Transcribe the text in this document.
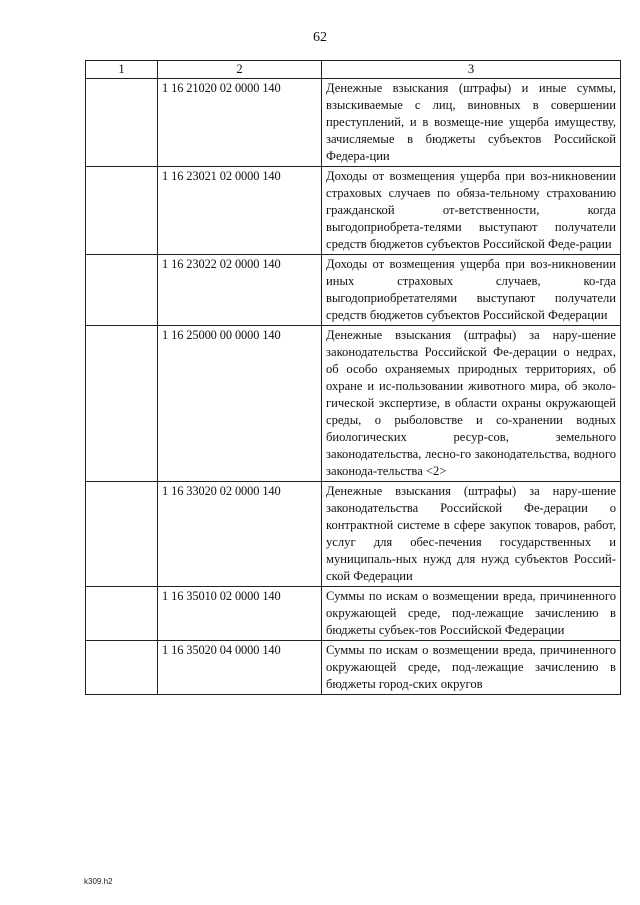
62
1	2	3
	1 16 21020 02 0000 140	Денежные взыскания (штрафы) и иные суммы, взыскиваемые с лиц, виновных в совершении преступлений, и в возмеще-ние ущерба имуществу, зачисляемые в бюджеты субъектов Российской Федера-ции
	1 16 23021 02 0000 140	Доходы от возмещения ущерба при воз-никновении страховых случаев по обяза-тельному страхованию гражданской от-ветственности, когда выгодоприобрета-телями выступают получатели средств бюджетов субъектов Российской Феде-рации
	1 16 23022 02 0000 140	Доходы от возмещения ущерба при воз-никновении иных страховых случаев, ко-гда выгодоприобретателями выступают получатели средств бюджетов субъектов Российской Федерации
	1 16 25000 00 0000 140	Денежные взыскания (штрафы) за нару-шение законодательства Российской Фе-дерации о недрах, об особо охраняемых природных территориях, об охране и ис-пользовании животного мира, об эколо-гической экспертизе, в области охраны окружающей среды, о рыболовстве и со-хранении водных биологических ресур-сов, земельного законодательства, лесно-го законодательства, водного законода-тельства <2>
	1 16 33020 02 0000 140	Денежные взыскания (штрафы) за нару-шение законодательства Российской Фе-дерации о контрактной системе в сфере закупок товаров, работ, услуг для обес-печения государственных и муниципаль-ных нужд для нужд субъектов Россий-ской Федерации
	1 16 35010 02 0000 140	Суммы по искам о возмещении вреда, причиненного окружающей среде, под-лежащие зачислению в бюджеты субъек-тов Российской Федерации
	1 16 35020 04 0000 140	Суммы по искам о возмещении вреда, причиненного окружающей среде, под-лежащие зачислению в бюджеты город-ских округов
k309.h2
